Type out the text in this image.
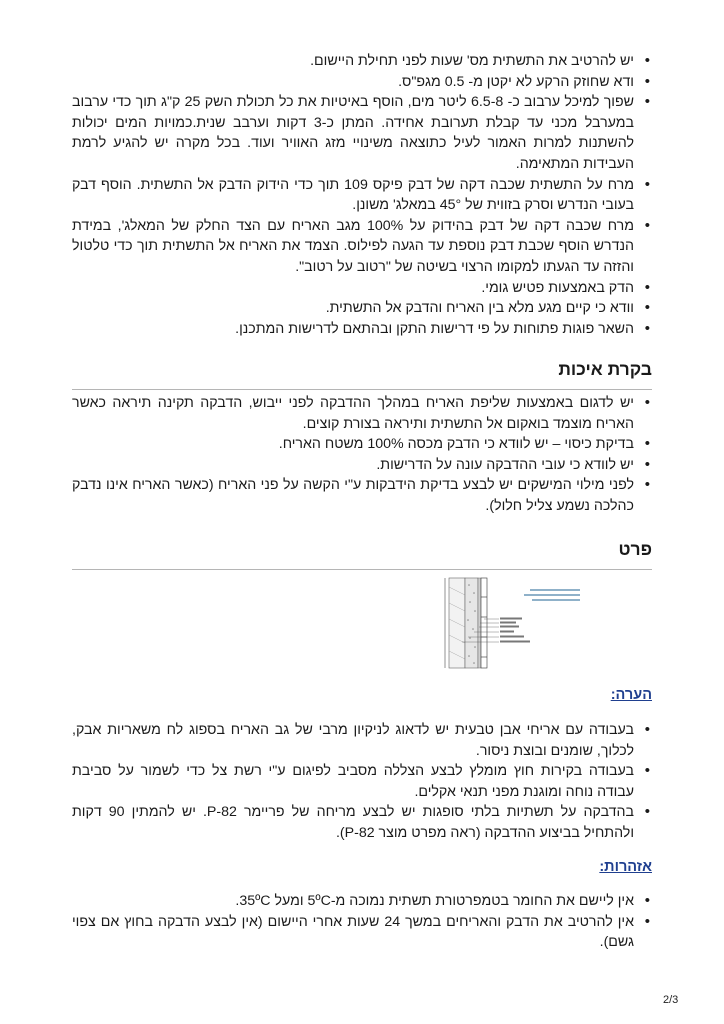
• יש להרטיב את התשתית מס' שעות לפני תחילת היישום.
• ודא שחוזק הרקע לא יקטן מ- 0.5 מגפ"ס.
• שפוך למיכל ערבוב כ- 6.5-8 ליטר מים, הוסף באיטיות את כל תכולת השק 25 ק"ג תוך כדי ערבוב במערבל מכני עד קבלת תערובת אחידה. המתן כ-3 דקות וערבב שנית.כמויות המים יכולות להשתנות למרות האמור לעיל כתוצאה משינויי מזג האוויר ועוד. בכל מקרה יש להגיע לרמת העבידות המתאימה.
• מרח על התשתית שכבה דקה של דבק פיקס 109 תוך כדי הידוק הדבק אל התשתית. הוסף דבק בעובי הנדרש וסרק בזווית של 45° במאלג' משונן.
• מרח שכבה דקה של דבק בהידוק על 100% מגב האריח עם הצד החלק של המאלג', במידת הנדרש הוסף שכבת דבק נוספת עד הגעה לפילוס. הצמד את האריח אל התשתית תוך כדי טלטול והזזה עד הגעתו למקומו הרצוי בשיטה של "רטוב על רטוב".
• הדק באמצעות פטיש גומי.
• וודא כי קיים מגע מלא בין האריח והדבק אל התשתית.
• השאר פוגות פתוחות על פי דרישות התקן ובהתאם לדרישות המתכנן.
בקרת איכות
• יש לדגום באמצעות שליפת האריח במהלך ההדבקה לפני ייבוש, הדבקה תקינה תיראה כאשר האריח מוצמד בואקום אל התשתית ותיראה בצורת קוצים.
• בדיקת כיסוי – יש לוודא כי הדבק מכסה 100% משטח האריח.
• יש לוודא כי עובי ההדבקה עונה על הדרישות.
• לפני מילוי המישקים יש לבצע בדיקת הידבקות ע"י הקשה על פני האריח (כאשר האריח אינו נדבק כהלכה נשמע צליל חלול).
פרט
הערה:
• בעבודה עם אריחי אבן טבעית יש לדאוג לניקיון מרבי של גב האריח בספוג לח משאריות אבק, לכלוך, שומנים ובוצת ניסור.
• בעבודה בקירות חוץ מומלץ לבצע הצללה מסביב לפיגום ע"י רשת צל כדי לשמור על סביבת עבודה נוחה ומוגנת מפני תנאי אקלים.
• בהדבקה על תשתיות בלתי סופגות יש לבצע מריחה של פריימר P-82. יש להמתין 90 דקות ולהתחיל בביצוע ההדבקה (ראה מפרט מוצר P-82).
אזהרות:
• אין ליישם את החומר בטמפרטורת תשתית נמוכה מ-5ºC ומעל 35ºC.
• אין להרטיב את הדבק והאריחים במשך 24 שעות אחרי היישום (אין לבצע הדבקה בחוץ אם צפוי גשם).
2/3
